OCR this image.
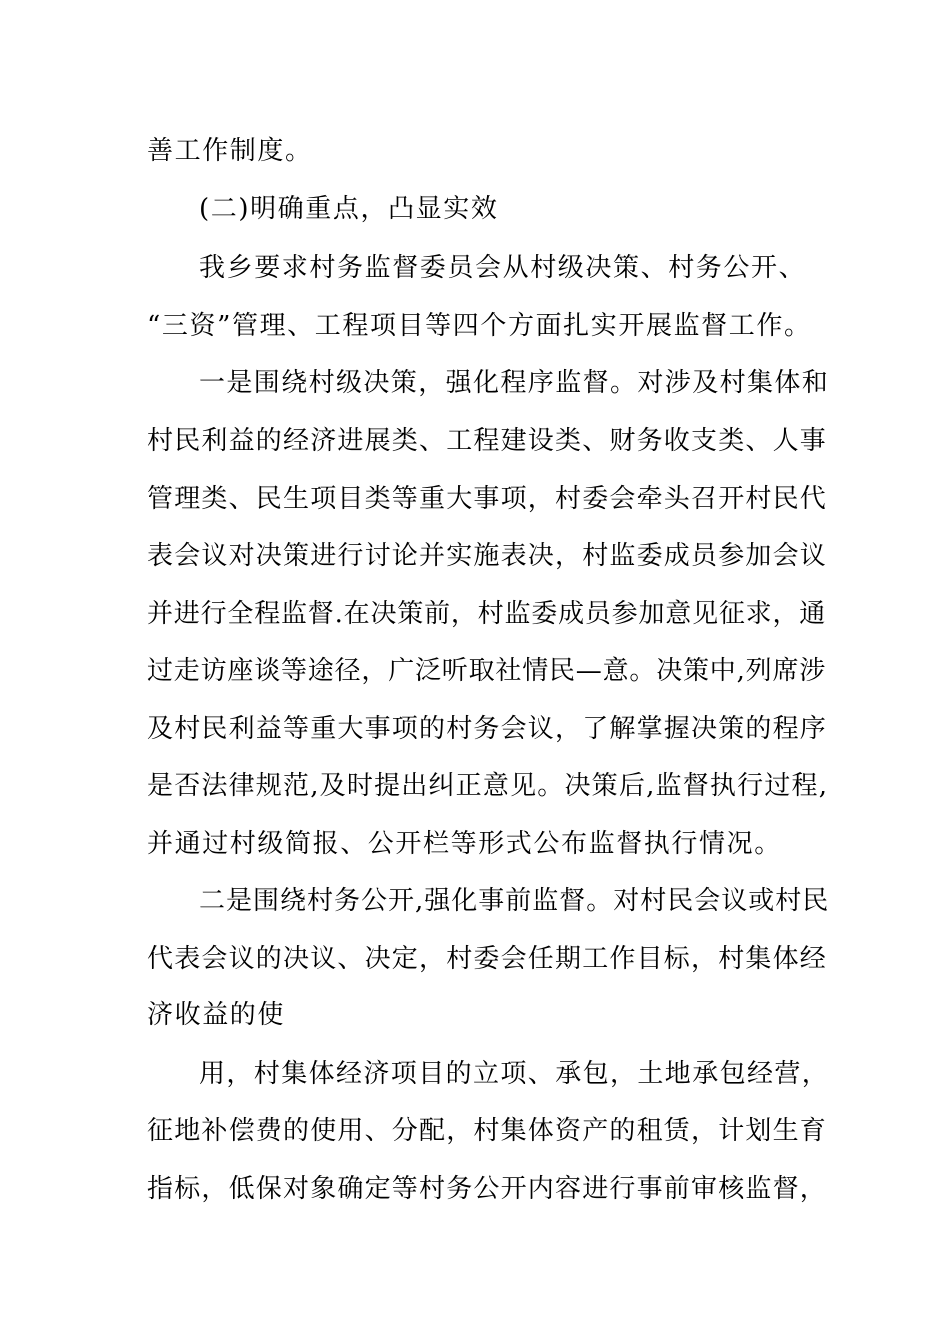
善工作制度。
(二)明确重点，凸显实效
我乡要求村务监督委员会从村级决策、村务公开、
“三资”管理、工程项目等四个方面扎实开展监督工作。
一是围绕村级决策，强化程序监督。对涉及村集体和
村民利益的经济进展类、工程建设类、财务收支类、人事
管理类、民生项目类等重大事项，村委会牵头召开村民代
表会议对决策进行讨论并实施表决，村监委成员参加会议
并进行全程监督.在决策前，村监委成员参加意见征求，通
过走访座谈等途径，广泛听取社情民—意。决策中,列席涉
及村民利益等重大事项的村务会议，了解掌握决策的程序
是否法律规范,及时提出纠正意见。决策后,监督执行过程,
并通过村级简报、公开栏等形式公布监督执行情况。
二是围绕村务公开,强化事前监督。对村民会议或村民
代表会议的决议、决定，村委会任期工作目标，村集体经
济收益的使
用，村集体经济项目的立项、承包，土地承包经营，
征地补偿费的使用、分配，村集体资产的租赁，计划生育
指标，低保对象确定等村务公开内容进行事前审核监督，
